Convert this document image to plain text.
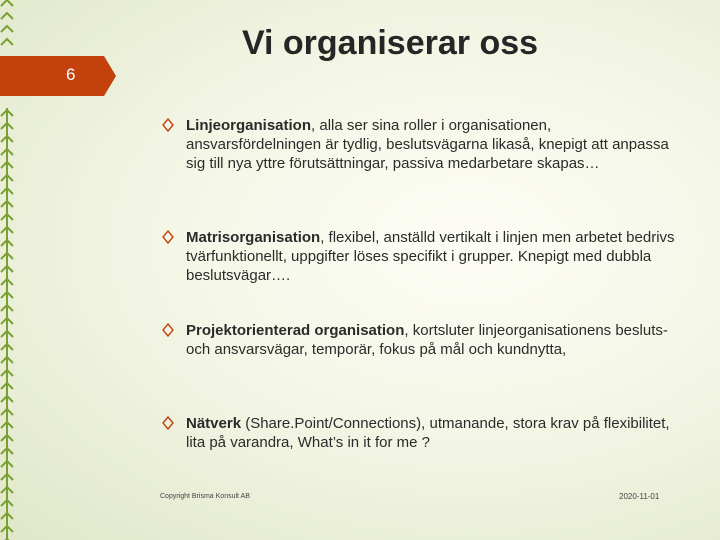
6
Vi organiserar oss
Linjeorganisation, alla ser sina roller i organisationen, ansvarsfördelningen är tydlig, beslutsvägarna likaså, knepigt att anpassa sig till nya yttre förutsättningar, passiva medarbetare skapas…
Matrisorganisation, flexibel, anställd vertikalt i linjen men arbetet bedrivs tvärfunktionellt, uppgifter löses specifikt i grupper. Knepigt med dubbla beslutsvägar….
Projektorienterad organisation, kortsluter linjeorganisationens besluts- och ansvarsvägar, temporär, fokus på mål och kundnytta,
Nätverk (Share.Point/Connections), utmanande, stora krav på flexibilitet, lita på varandra, What’s in it for me ?
Copyright Brisma Konsult AB	2020-11-01
